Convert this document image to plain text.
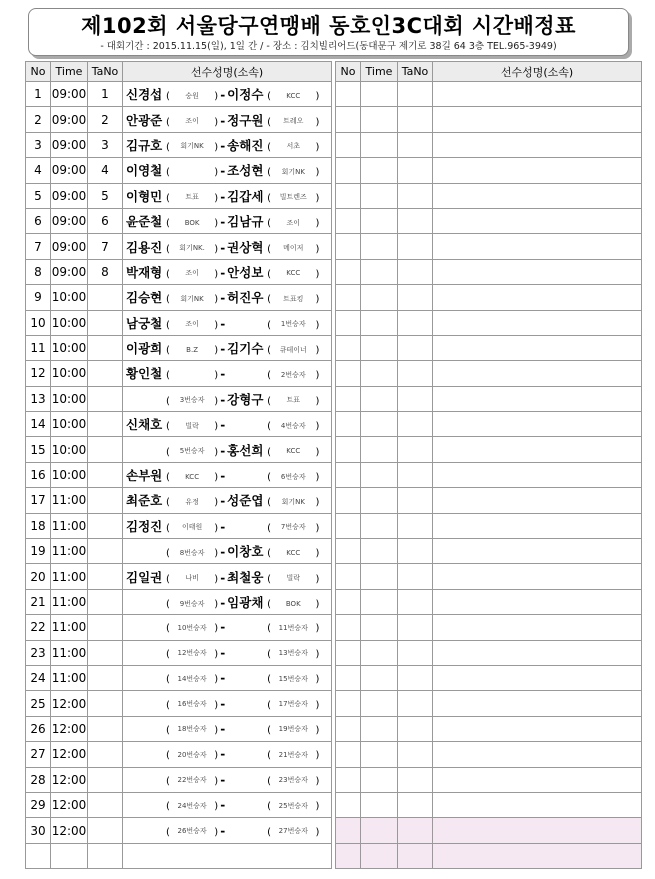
제102회 서울당구연맹배 동호인3C대회 시간배정표
- 대회기간 : 2015.11.15(일), 1일 간 / - 장소 : 김치빌리어드(동대문구 제기로 38길 64 3층 TEL.965-3949)
No	Time	TaNo	선수성명(소속)
1	09:00	1	신경섭 ( 숭원 ) - 이정수 ( KCC )
2	09:00	2	안광준 ( 조이 ) - 정구원 ( 트레오 )
3	09:00	3	김규호 ( 회기NK ) - 송해진 ( 서초 )
4	09:00	4	이영철 ( ) - 조성현 ( 회기NK )
5	09:00	5	이형민 ( 트표 ) - 김갑세 ( 빌트렌즈 )
6	09:00	6	윤준철 ( BOK ) - 김남규 ( 조이 )
7	09:00	7	김용진 ( 회기NK. ) - 권상혁 ( 메이저 )
8	09:00	8	박재형 ( 조이 ) - 안성보 ( KCC )
9	10:00		김승현 ( 회기NK ) - 허진우 ( 트표킹 )
10	10:00		남궁철 ( 조이 ) - ( 1번승자 )
11	10:00		이광희 ( B.Z ) - 김기수 ( 큐테이너 )
12	10:00		황인철 ( ) - ( 2번승자 )
13	10:00		( 3번승자 ) - 강형구 ( 트표 )
14	10:00		신채호 ( 빌락 ) - ( 4번승자 )
15	10:00		( 5번승자 ) - 홍선희 ( KCC )
16	10:00		손부원 ( KCC ) - ( 6번승자 )
17	11:00		최준호 ( 유정 ) - 성준엽 ( 회기NK )
18	11:00		김정진 ( 이태원 ) - ( 7번승자 )
19	11:00		( 8번승자 ) - 이창호 ( KCC )
20	11:00		김일권 ( 나비 ) - 최철웅 ( 빌락 )
21	11:00		( 9번승자 ) - 임광채 ( BOK )
22	11:00		( 10번승자 ) - ( 11번승자 )
23	11:00		( 12번승자 ) - ( 13번승자 )
24	11:00		( 14번승자 ) - ( 15번승자 )
25	12:00		( 16번승자 ) - ( 17번승자 )
26	12:00		( 18번승자 ) - ( 19번승자 )
27	12:00		( 20번승자 ) - ( 21번승자 )
28	12:00		( 22번승자 ) - ( 23번승자 )
29	12:00		( 24번승자 ) - ( 25번승자 )
30	12:00		( 26번승자 ) - ( 27번승자 )

No	Time	TaNo	선수성명(소속)
